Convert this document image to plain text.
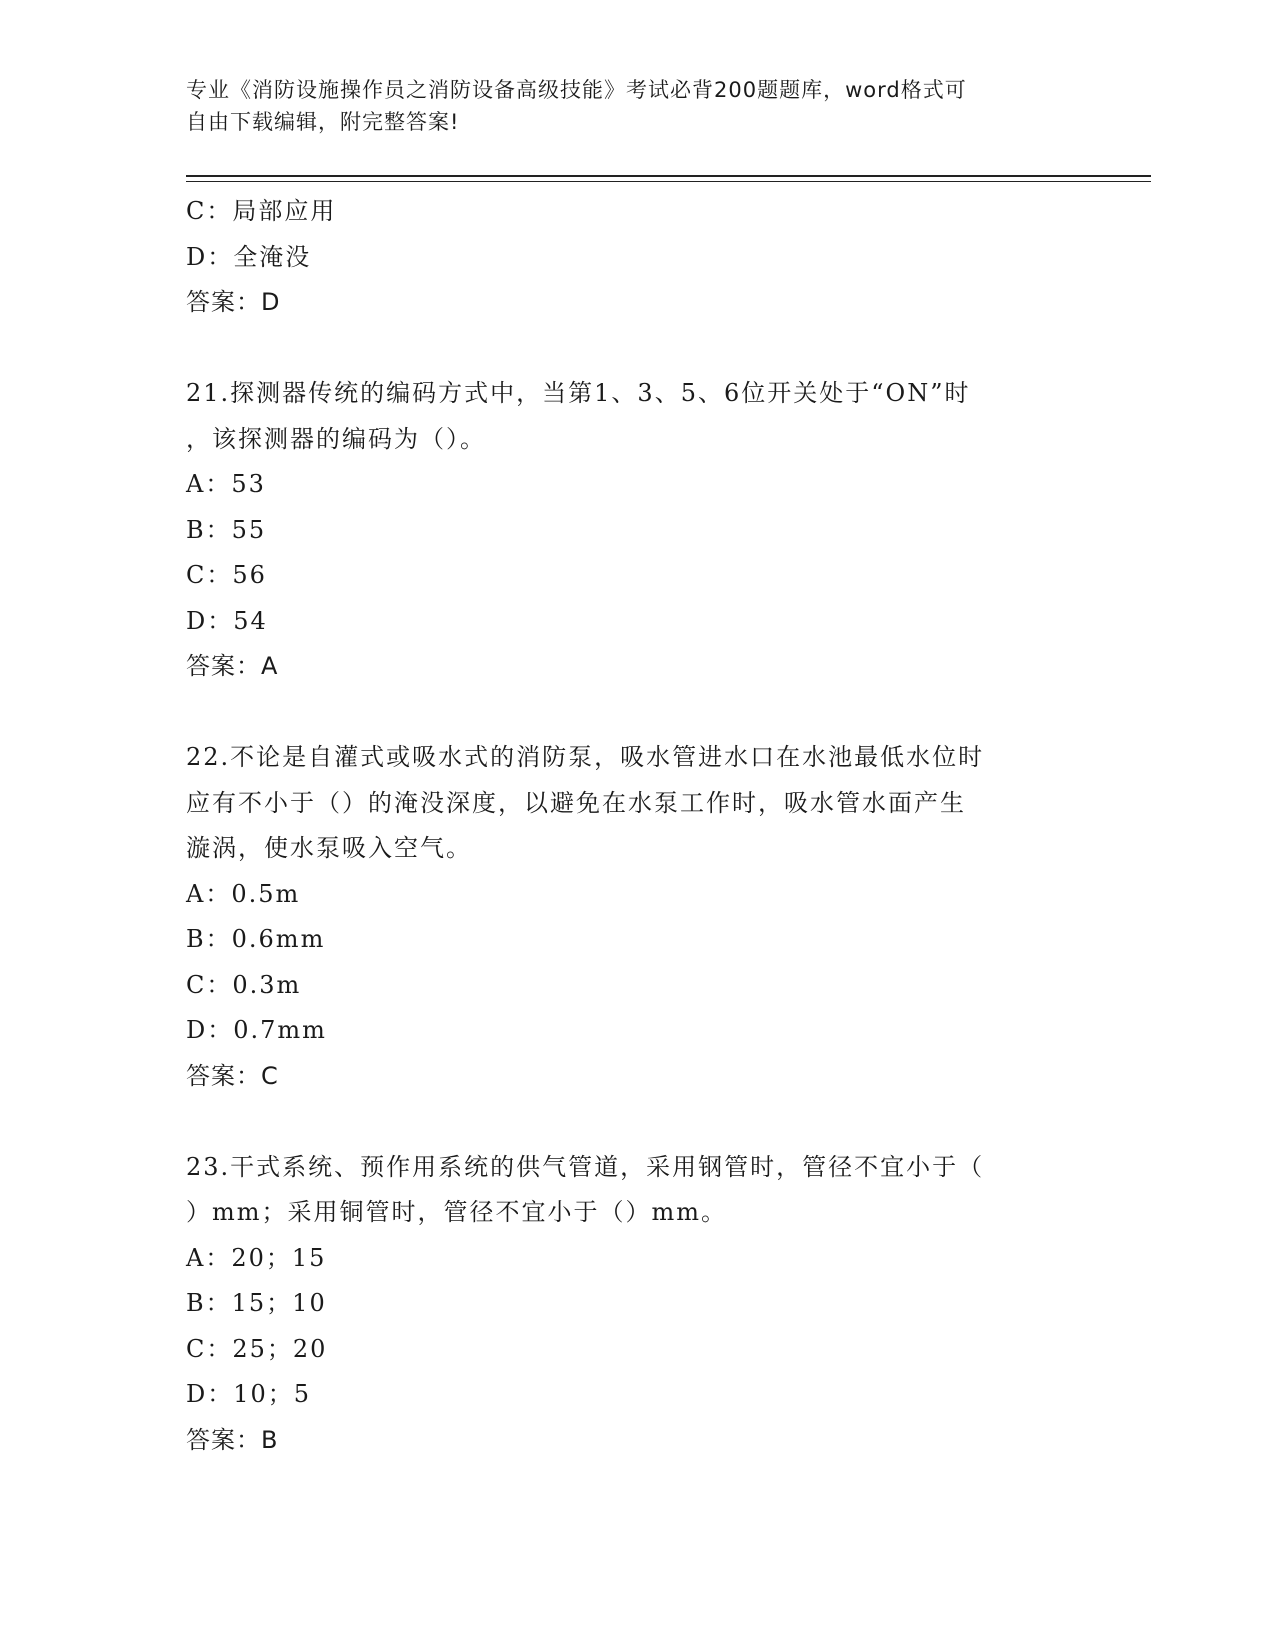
专业《消防设施操作员之消防设备高级技能》考试必背200题题库，word格式可
自由下载编辑，附完整答案!
C：局部应用
D：全淹没
答案：D
21.探测器传统的编码方式中，当第1、3、5、6位开关处于“ON”时
，该探测器的编码为（）。
A：53
B：55
C：56
D：54
答案：A
22.不论是自灌式或吸水式的消防泵，吸水管进水口在水池最低水位时
应有不小于（）的淹没深度，以避免在水泵工作时，吸水管水面产生
漩涡，使水泵吸入空气。
A：0.5m
B：0.6mm
C：0.3m
D：0.7mm
答案：C
23.干式系统、预作用系统的供气管道，采用钢管时，管径不宜小于（
）mm；采用铜管时，管径不宜小于（）mm。
A：20；15
B：15；10
C：25；20
D：10；5
答案：B
